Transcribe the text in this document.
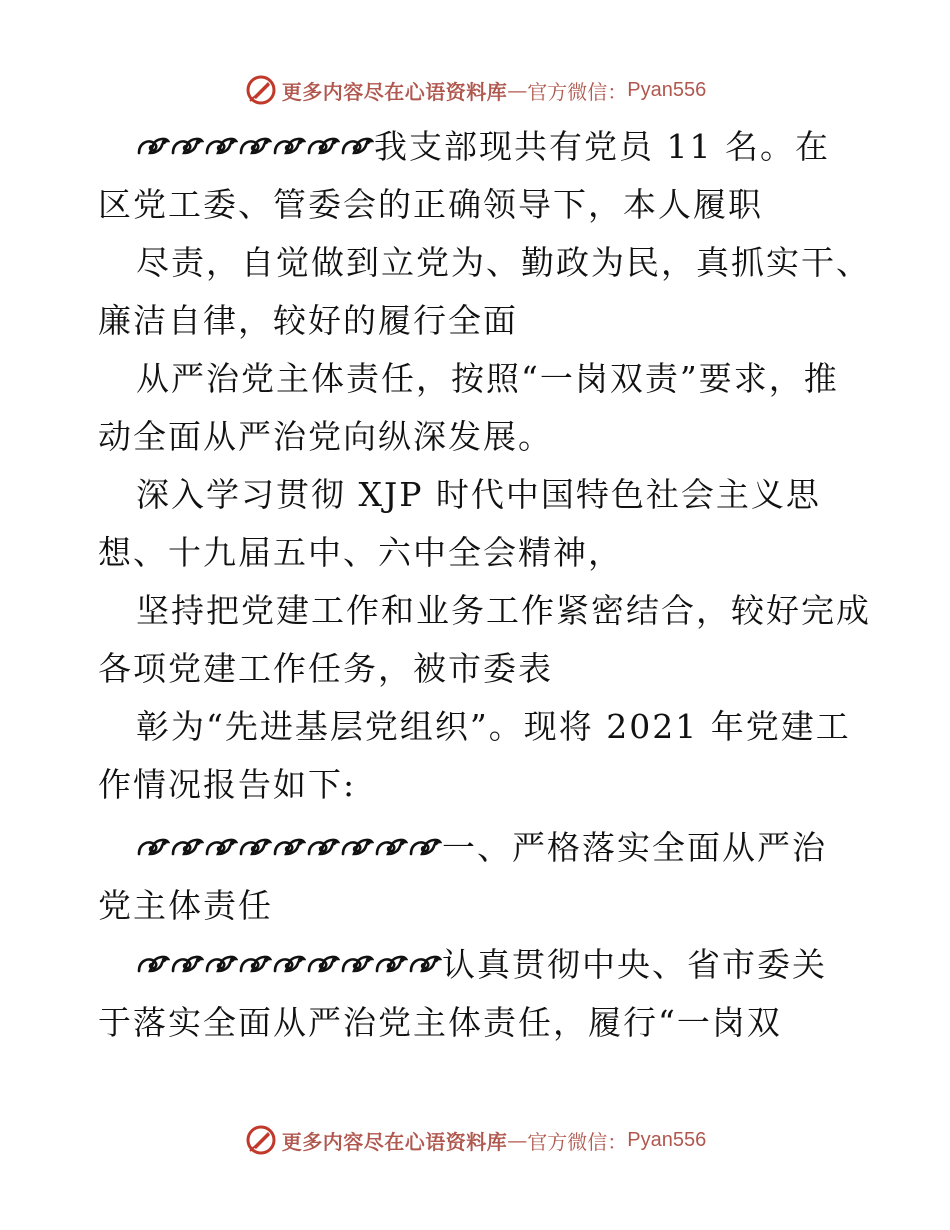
更多内容尽在心语资料库 — 官方微信： Pyan556
我支部现共有党员 11 名。在
区党工委、管委会的正确领导下，本人履职
尽责，自觉做到立党为、勤政为民，真抓实干、
廉洁自律，较好的履行全面
从严治党主体责任，按照“一岗双责”要求，推
动全面从严治党向纵深发展。
深入学习贯彻 XJP 时代中国特色社会主义思
想、十九届五中、六中全会精神，
坚持把党建工作和业务工作紧密结合，较好完成
各项党建工作任务，被市委表
彰为“先进基层党组织”。现将 2021 年党建工
作情况报告如下:
一、严格落实全面从严治
党主体责任
认真贯彻中央、省市委关
于落实全面从严治党主体责任，履行“一岗双
更多内容尽在心语资料库 — 官方微信： Pyan556
